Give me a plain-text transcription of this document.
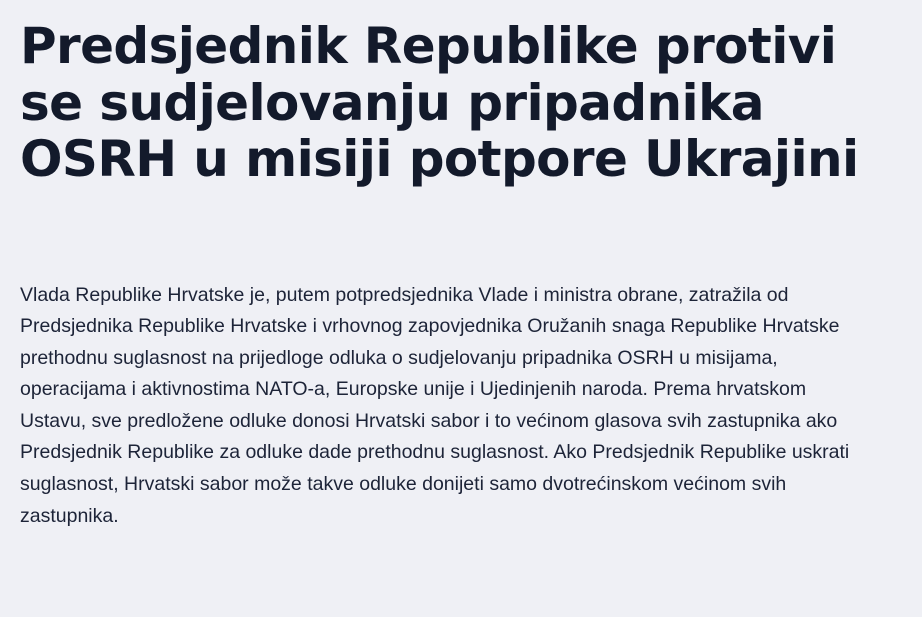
Predsjednik Republike protivi se sudjelovanju pripadnika OSRH u misiji potpore Ukrajini

Vlada Republike Hrvatske je, putem potpredsjednika Vlade i ministra obrane, zatražila od Predsjednika Republike Hrvatske i vrhovnog zapovjednika Oružanih snaga Republike Hrvatske prethodnu suglasnost na prijedloge odluka o sudjelovanju pripadnika OSRH u misijama, operacijama i aktivnostima NATO-a, Europske unije i Ujedinjenih naroda. Prema hrvatskom Ustavu, sve predložene odluke donosi Hrvatski sabor i to većinom glasova svih zastupnika ako Predsjednik Republike za odluke dade prethodnu suglasnost. Ako Predsjednik Republike uskrati suglasnost, Hrvatski sabor može takve odluke donijeti samo dvotrećinskom većinom svih zastupnika.
